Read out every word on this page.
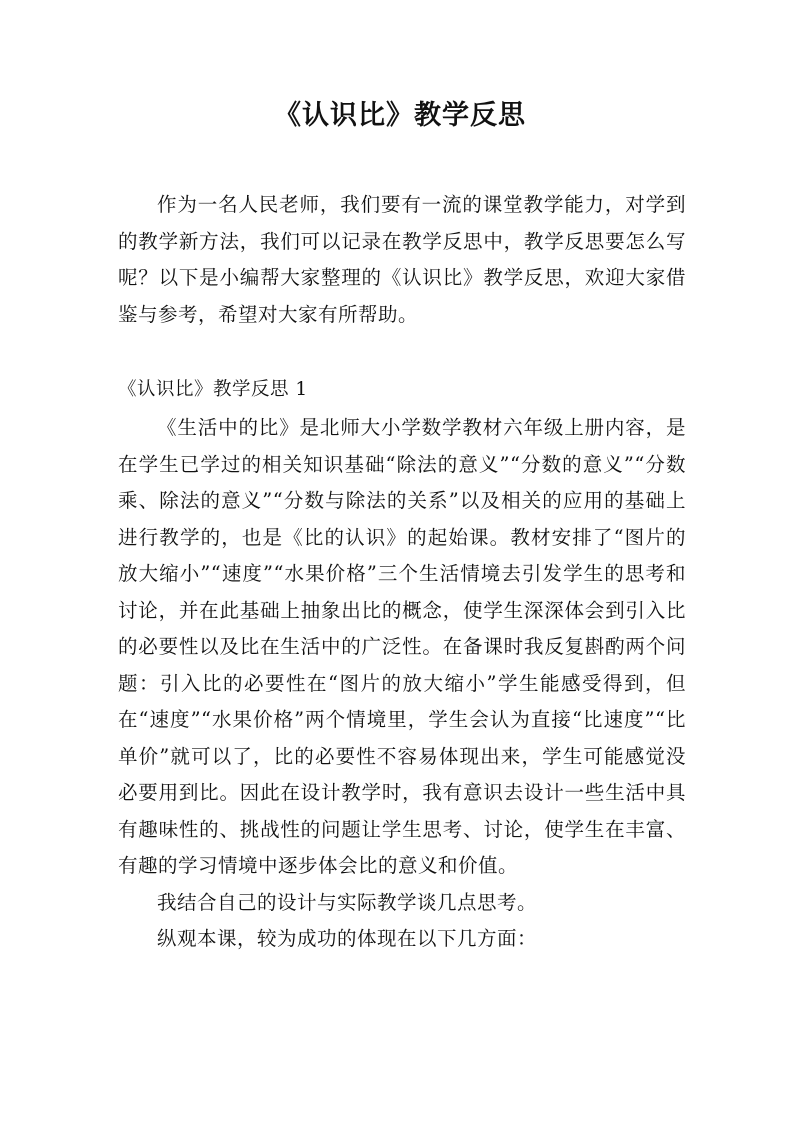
《认识比》教学反思

作为一名人民老师，我们要有一流的课堂教学能力，对学到的教学新方法，我们可以记录在教学反思中，教学反思要怎么写呢？以下是小编帮大家整理的《认识比》教学反思，欢迎大家借鉴与参考，希望对大家有所帮助。

《认识比》教学反思 1

《生活中的比》是北师大小学数学教材六年级上册内容，是在学生已学过的相关知识基础“除法的意义”“分数的意义”“分数乘、除法的意义”“分数与除法的关系”以及相关的应用的基础上进行教学的，也是《比的认识》的起始课。教材安排了“图片的放大缩小”“速度”“水果价格”三个生活情境去引发学生的思考和讨论，并在此基础上抽象出比的概念，使学生深深体会到引入比的必要性以及比在生活中的广泛性。在备课时我反复斟酌两个问题：引入比的必要性在“图片的放大缩小”学生能感受得到，但在“速度”“水果价格”两个情境里，学生会认为直接“比速度”“比单价”就可以了，比的必要性不容易体现出来，学生可能感觉没必要用到比。因此在设计教学时，我有意识去设计一些生活中具有趣味性的、挑战性的问题让学生思考、讨论，使学生在丰富、有趣的学习情境中逐步体会比的意义和价值。

我结合自己的设计与实际教学谈几点思考。

纵观本课，较为成功的体现在以下几方面：
